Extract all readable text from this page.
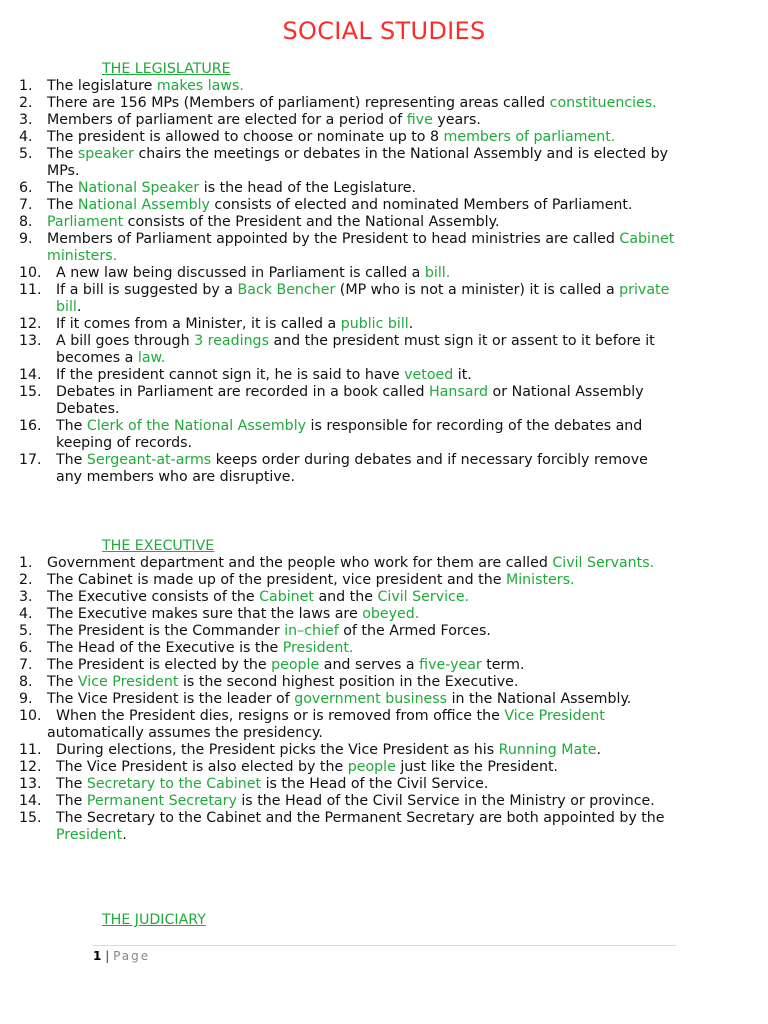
SOCIAL STUDIES
THE LEGISLATURE
1. The legislature makes laws.
2. There are 156 MPs (Members of parliament) representing areas called constituencies.
3. Members of parliament are elected for a period of five years.
4. The president is allowed to choose or nominate up to 8 members of parliament.
5. The speaker chairs the meetings or debates in the National Assembly and is elected by MPs.
6. The National Speaker is the head of the Legislature.
7. The National Assembly consists of elected and nominated Members of Parliament.
8. Parliament consists of the President and the National Assembly.
9. Members of Parliament appointed by the President to head ministries are called Cabinet ministers.
10. A new law being discussed in Parliament is called a bill.
11. If a bill is suggested by a Back Bencher (MP who is not a minister) it is called a private bill.
12. If it comes from a Minister, it is called a public bill.
13. A bill goes through 3 readings and the president must sign it or assent to it before it becomes a law.
14. If the president cannot sign it, he is said to have vetoed it.
15. Debates in Parliament are recorded in a book called Hansard or National Assembly Debates.
16. The Clerk of the National Assembly is responsible for recording of the debates and keeping of records.
17. The Sergeant-at-arms keeps order during debates and if necessary forcibly remove any members who are disruptive.
THE EXECUTIVE
1. Government department and the people who work for them are called Civil Servants.
2. The Cabinet is made up of the president, vice president and the Ministers.
3. The Executive consists of the Cabinet and the Civil Service.
4. The Executive makes sure that the laws are obeyed.
5. The President is the Commander in–chief of the Armed Forces.
6. The Head of the Executive is the President.
7. The President is elected by the people and serves a five-year term.
8. The Vice President is the second highest position in the Executive.
9. The Vice President is the leader of government business in the National Assembly.
10.	When the President dies, resigns or is removed from office the Vice President automatically assumes the presidency.
11. During elections, the President picks the Vice President as his Running Mate.
12. The Vice President is also elected by the people just like the President.
13. The Secretary to the Cabinet is the Head of the Civil Service.
14. The Permanent Secretary is the Head of the Civil Service in the Ministry or province.
15. The Secretary to the Cabinet and the Permanent Secretary are both appointed by the President.
THE JUDICIARY
1 | Page
